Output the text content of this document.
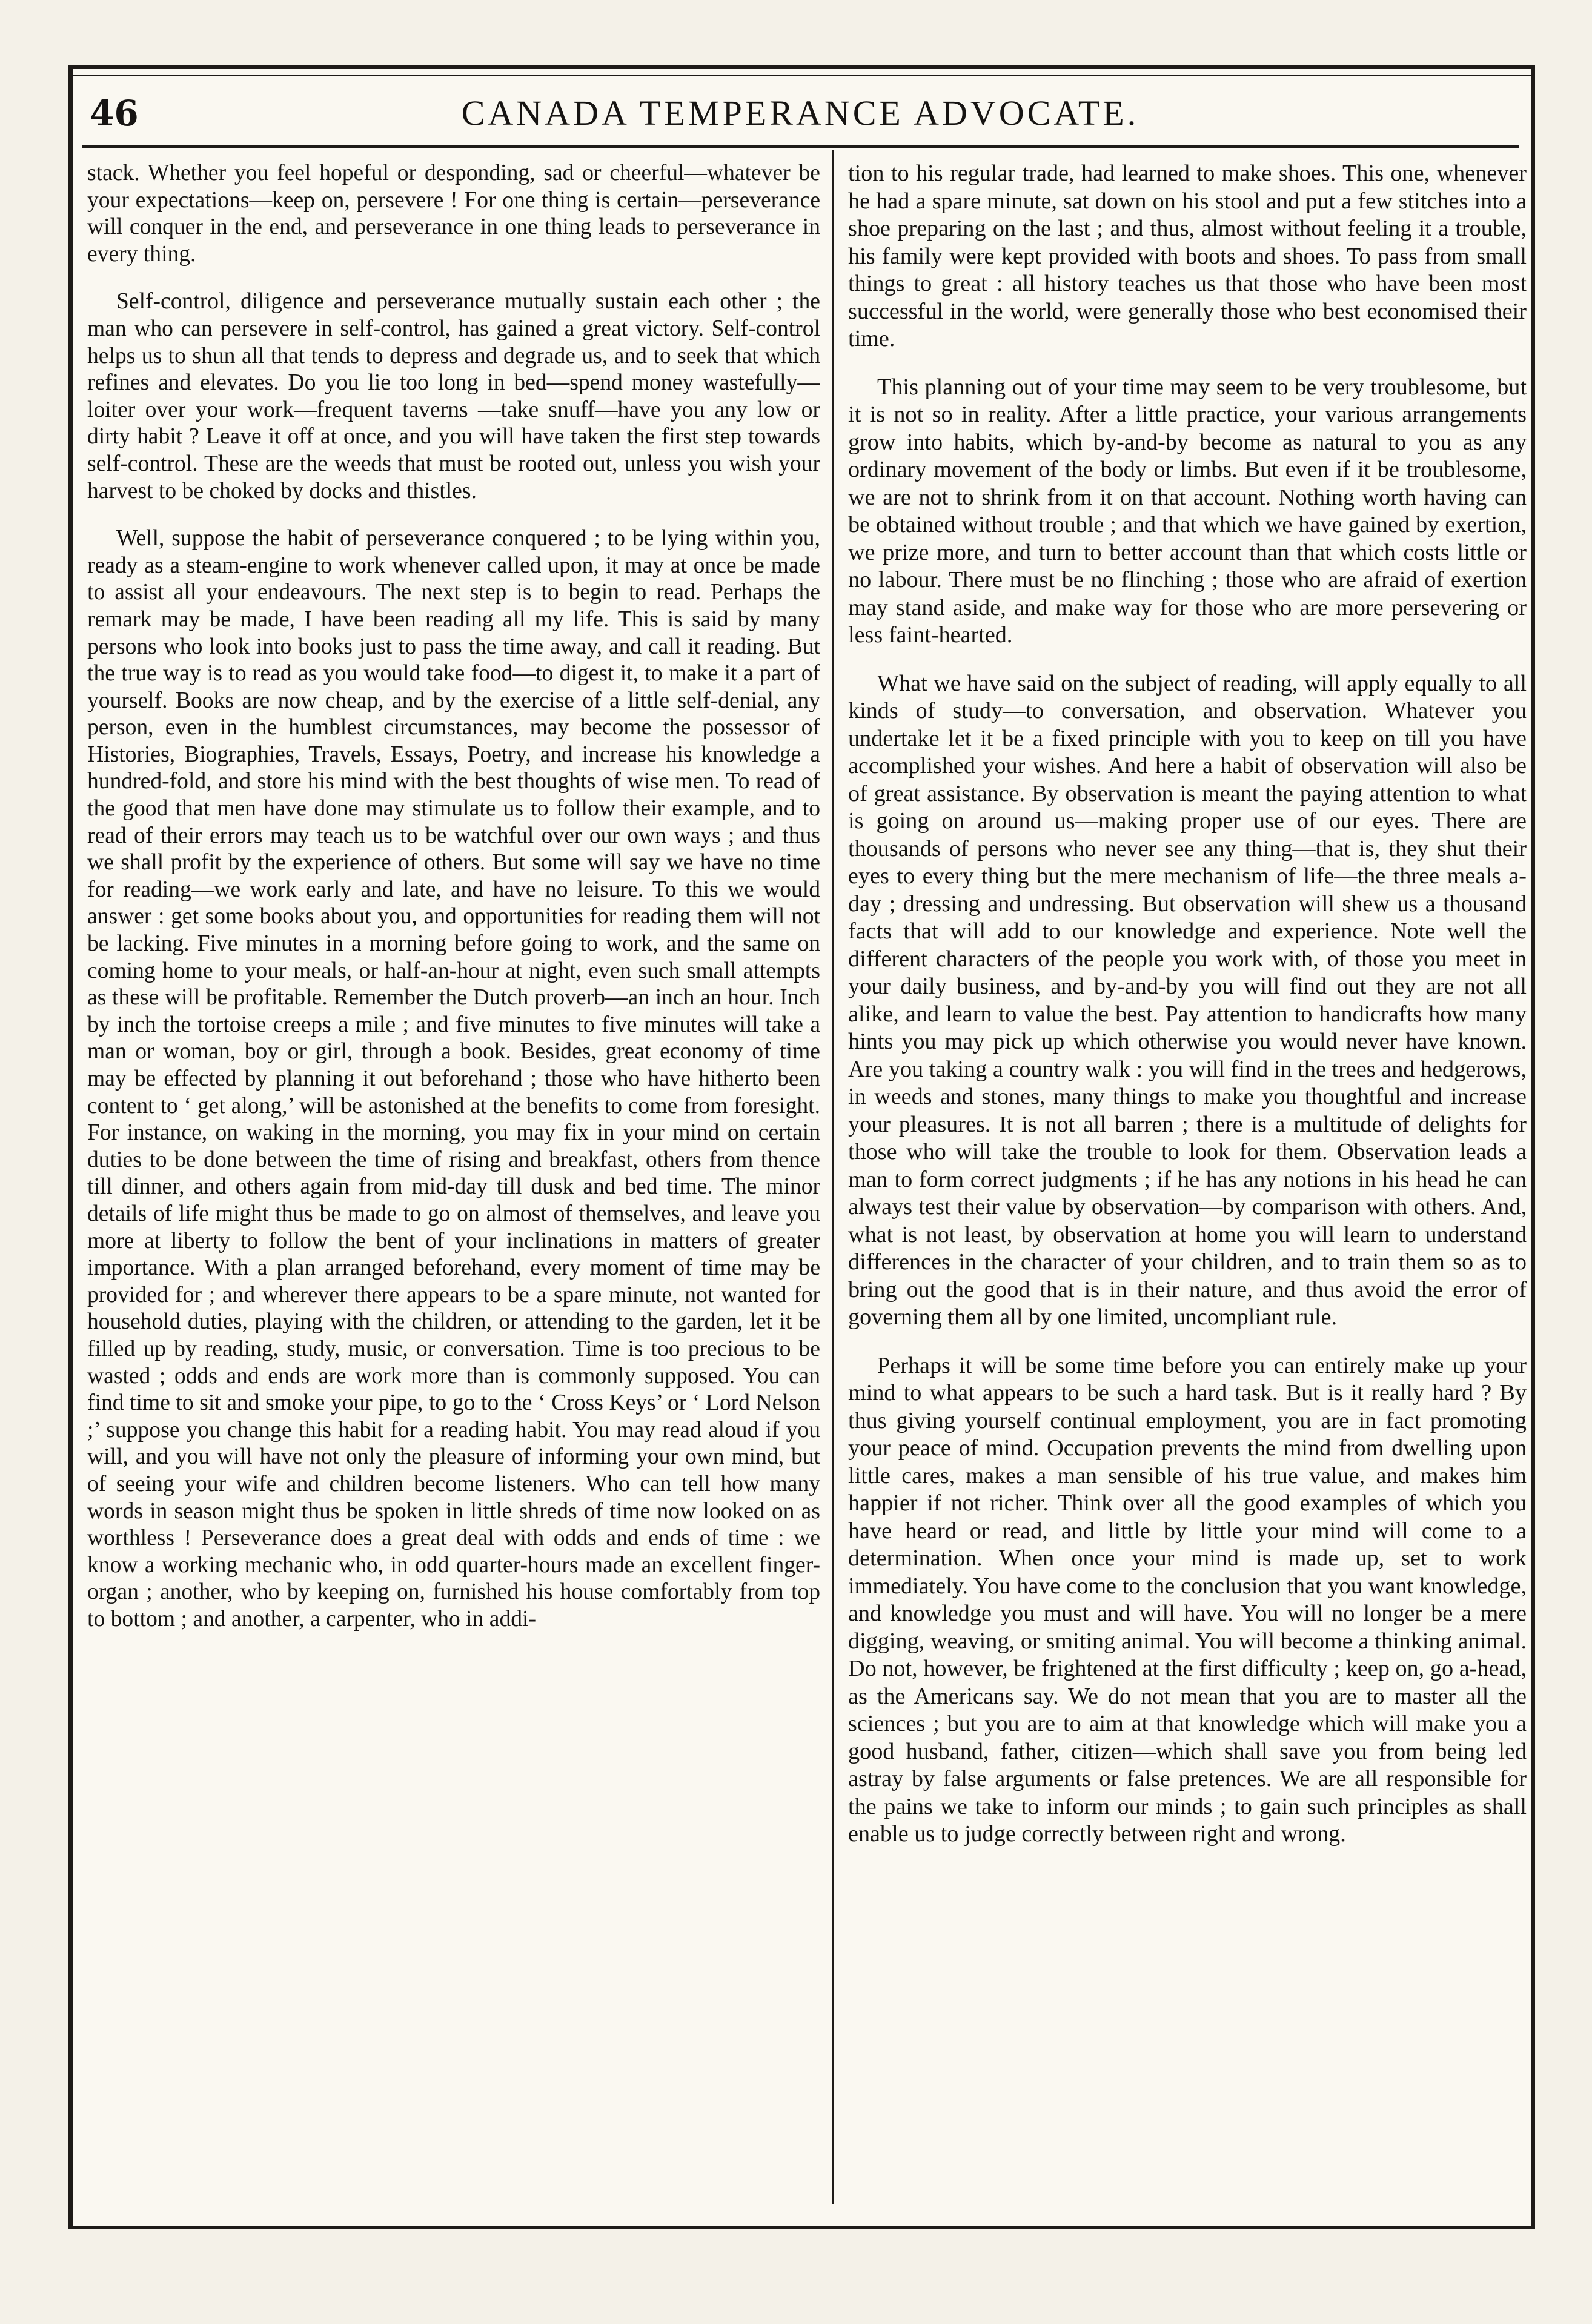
46	CANADA TEMPERANCE ADVOCATE.

stack. Whether you feel hopeful or desponding, sad or cheerful—whatever be your expectations—keep on, persevere ! For one thing is certain—perseverance will conquer in the end, and perseverance in one thing leads to perseverance in every thing.

Self-control, diligence and perseverance mutually sustain each other ; the man who can persevere in self-control, has gained a great victory. Self-control helps us to shun all that tends to depress and degrade us, and to seek that which refines and elevates. Do you lie too long in bed—spend money wastefully—loiter over your work—frequent taverns —take snuff—have you any low or dirty habit ? Leave it off at once, and you will have taken the first step towards self-control. These are the weeds that must be rooted out, unless you wish your harvest to be choked by docks and thistles.

Well, suppose the habit of perseverance conquered ; to be lying within you, ready as a steam-engine to work whenever called upon, it may at once be made to assist all your endeavours. The next step is to begin to read. Perhaps the remark may be made, I have been reading all my life. This is said by many persons who look into books just to pass the time away, and call it reading. But the true way is to read as you would take food—to digest it, to make it a part of yourself. Books are now cheap, and by the exercise of a little self-denial, any person, even in the humblest circumstances, may become the possessor of Histories, Biographies, Travels, Essays, Poetry, and increase his knowledge a hundred-fold, and store his mind with the best thoughts of wise men. To read of the good that men have done may stimulate us to follow their example, and to read of their errors may teach us to be watchful over our own ways ; and thus we shall profit by the experience of others. But some will say we have no time for reading—we work early and late, and have no leisure. To this we would answer : get some books about you, and opportunities for reading them will not be lacking. Five minutes in a morning before going to work, and the same on coming home to your meals, or half-an-hour at night, even such small attempts as these will be profitable. Remember the Dutch proverb—an inch an hour. Inch by inch the tortoise creeps a mile ; and five minutes to five minutes will take a man or woman, boy or girl, through a book. Besides, great economy of time may be effected by planning it out beforehand ; those who have hitherto been content to ‘ get along,’ will be astonished at the benefits to come from foresight. For instance, on waking in the morning, you may fix in your mind on certain duties to be done between the time of rising and breakfast, others from thence till dinner, and others again from mid-day till dusk and bed time. The minor details of life might thus be made to go on almost of themselves, and leave you more at liberty to follow the bent of your inclinations in matters of greater importance. With a plan arranged beforehand, every moment of time may be provided for ; and wherever there appears to be a spare minute, not wanted for household duties, playing with the children, or attending to the garden, let it be filled up by reading, study, music, or conversation. Time is too precious to be wasted ; odds and ends are work more than is commonly supposed. You can find time to sit and smoke your pipe, to go to the ‘ Cross Keys’ or ‘ Lord Nelson ;’ suppose you change this habit for a reading habit. You may read aloud if you will, and you will have not only the pleasure of informing your own mind, but of seeing your wife and children become listeners. Who can tell how many words in season might thus be spoken in little shreds of time now looked on as worthless ! Perseverance does a great deal with odds and ends of time : we know a working mechanic who, in odd quarter-hours made an excellent finger-organ ; another, who by keeping on, furnished his house comfortably from top to bottom ; and another, a carpenter, who in addi-

tion to his regular trade, had learned to make shoes. This one, whenever he had a spare minute, sat down on his stool and put a few stitches into a shoe preparing on the last ; and thus, almost without feeling it a trouble, his family were kept provided with boots and shoes. To pass from small things to great : all history teaches us that those who have been most successful in the world, were generally those who best economised their time.

This planning out of your time may seem to be very troublesome, but it is not so in reality. After a little practice, your various arrangements grow into habits, which by-and-by become as natural to you as any ordinary movement of the body or limbs. But even if it be troublesome, we are not to shrink from it on that account. Nothing worth having can be obtained without trouble ; and that which we have gained by exertion, we prize more, and turn to better account than that which costs little or no labour. There must be no flinching ; those who are afraid of exertion may stand aside, and make way for those who are more persevering or less faint-hearted.

What we have said on the subject of reading, will apply equally to all kinds of study—to conversation, and observation. Whatever you undertake let it be a fixed principle with you to keep on till you have accomplished your wishes. And here a habit of observation will also be of great assistance. By observation is meant the paying attention to what is going on around us—making proper use of our eyes. There are thousands of persons who never see any thing—that is, they shut their eyes to every thing but the mere mechanism of life—the three meals a-day ; dressing and undressing. But observation will shew us a thousand facts that will add to our knowledge and experience. Note well the different characters of the people you work with, of those you meet in your daily business, and by-and-by you will find out they are not all alike, and learn to value the best. Pay attention to handicrafts how many hints you may pick up which otherwise you would never have known. Are you taking a country walk : you will find in the trees and hedgerows, in weeds and stones, many things to make you thoughtful and increase your pleasures. It is not all barren ; there is a multitude of delights for those who will take the trouble to look for them. Observation leads a man to form correct judgments ; if he has any notions in his head he can always test their value by observation—by comparison with others. And, what is not least, by observation at home you will learn to understand differences in the character of your children, and to train them so as to bring out the good that is in their nature, and thus avoid the error of governing them all by one limited, uncompliant rule.

Perhaps it will be some time before you can entirely make up your mind to what appears to be such a hard task. But is it really hard ? By thus giving yourself continual employment, you are in fact promoting your peace of mind. Occupation prevents the mind from dwelling upon little cares, makes a man sensible of his true value, and makes him happier if not richer. Think over all the good examples of which you have heard or read, and little by little your mind will come to a determination. When once your mind is made up, set to work immediately. You have come to the conclusion that you want knowledge, and knowledge you must and will have. You will no longer be a mere digging, weaving, or smiting animal. You will become a thinking animal. Do not, however, be frightened at the first difficulty ; keep on, go a-head, as the Americans say. We do not mean that you are to master all the sciences ; but you are to aim at that knowledge which will make you a good husband, father, citizen—which shall save you from being led astray by false arguments or false pretences. We are all responsible for the pains we take to inform our minds ; to gain such principles as shall enable us to judge correctly between right and wrong.
